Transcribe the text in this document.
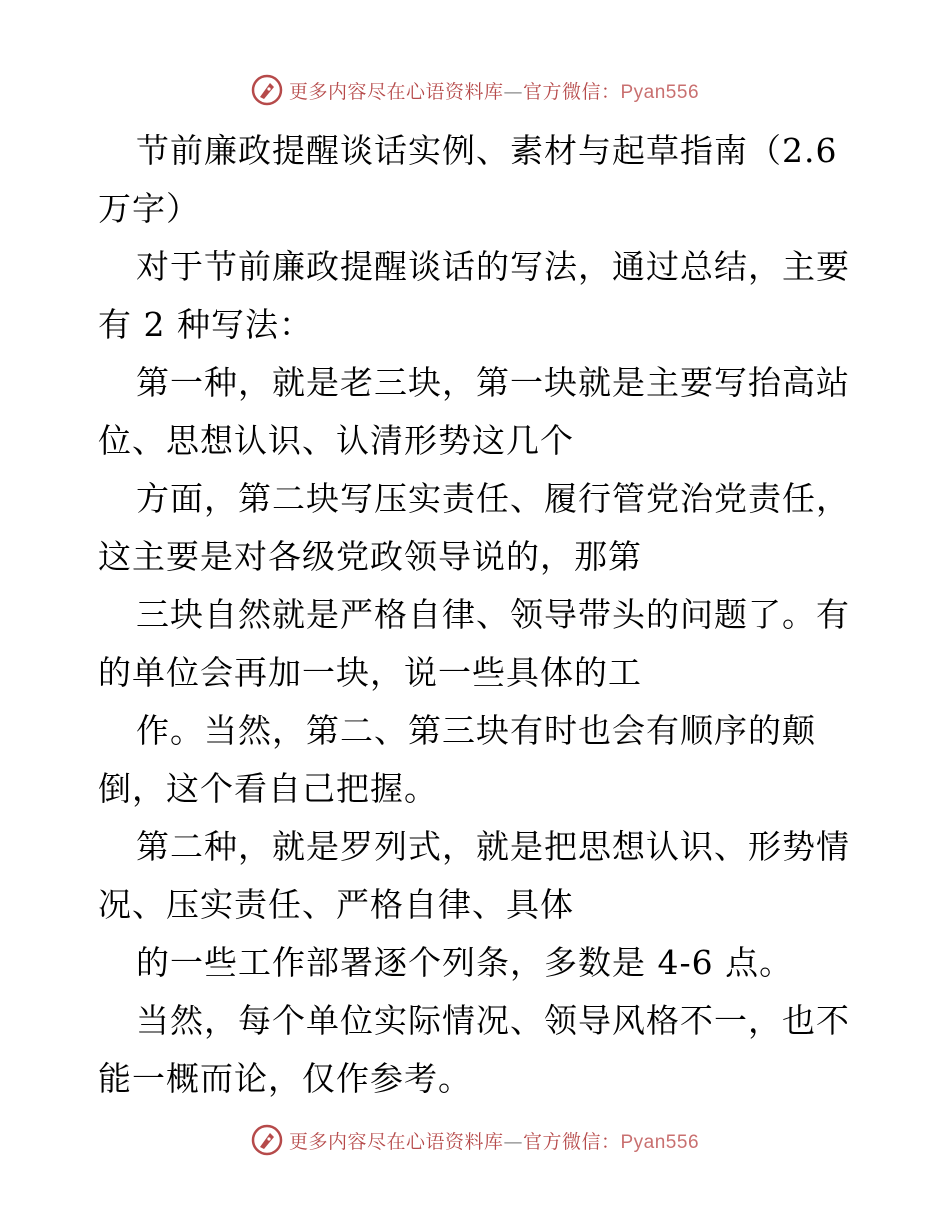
更多内容尽在心语资料库—官方微信：Pyan556
节前廉政提醒谈话实例、素材与起草指南（2.6
万字）
对于节前廉政提醒谈话的写法，通过总结，主要
有 2 种写法：
第一种，就是老三块，第一块就是主要写抬高站
位、思想认识、认清形势这几个
方面，第二块写压实责任、履行管党治党责任，
这主要是对各级党政领导说的，那第
三块自然就是严格自律、领导带头的问题了。有
的单位会再加一块，说一些具体的工
作。当然，第二、第三块有时也会有顺序的颠
倒，这个看自己把握。
第二种，就是罗列式，就是把思想认识、形势情
况、压实责任、严格自律、具体
的一些工作部署逐个列条，多数是 4-6 点。
当然，每个单位实际情况、领导风格不一，也不
能一概而论，仅作参考。
更多内容尽在心语资料库—官方微信：Pyan556
